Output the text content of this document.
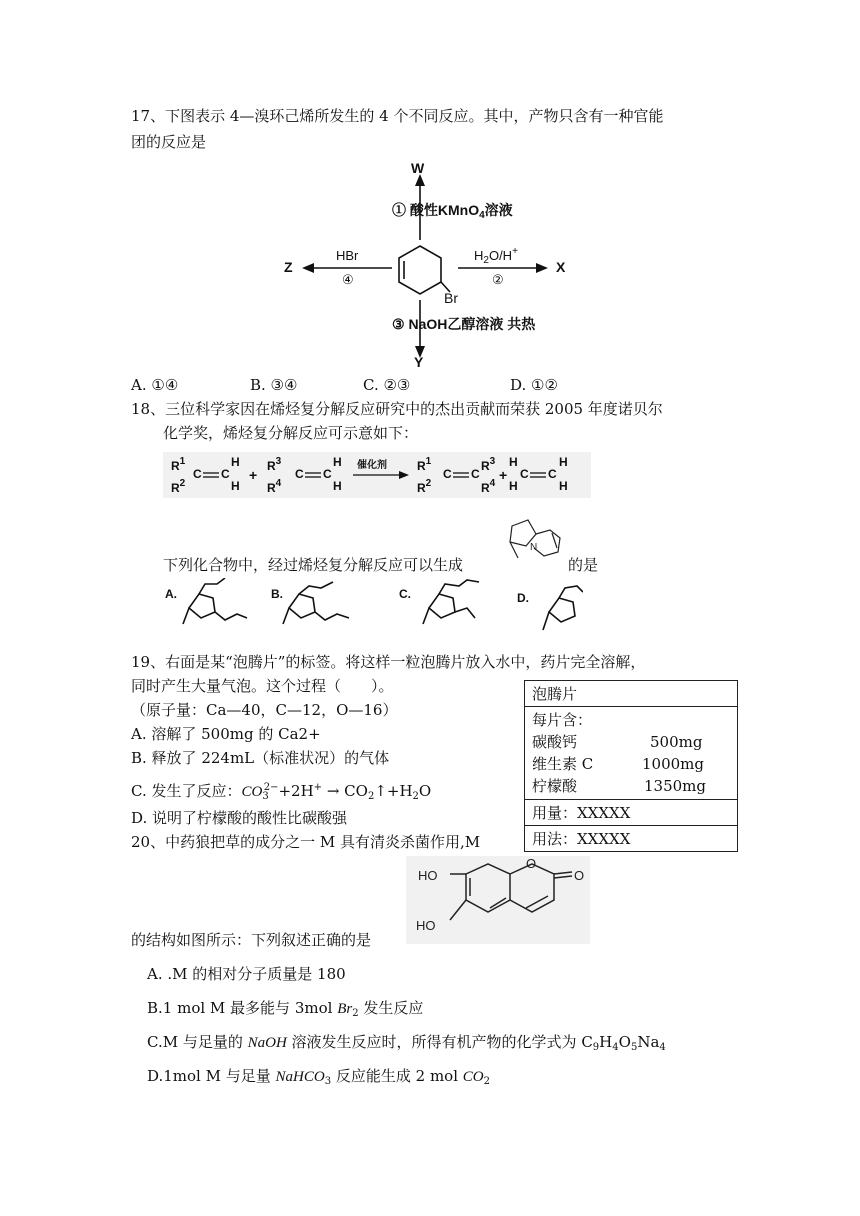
17、下图表示 4—溴环己烯所发生的 4 个不同反应。其中，产物只含有一种官能
团的反应是
W
Y
Z	X
Br
① 酸性KMnO$_4$溶液
③ NaOH乙醇溶液 共热
HBr
④
$H_2O/H^+$
②
A. ①④	B. ③④	C. ②③	D. ①②
18、三位科学家因在烯烃复分解反应研究中的杰出贡献而荣获 2005 年度诺贝尔
化学奖，烯烃复分解反应可示意如下：
$R^1$
$R^2$
C C
H
H
+
$R^3$
$R^4$
C C
H
H
催化剂	$R^1$
$R^2$
C C
$R^3$
$R^4$
+
H
H
C C
H
H
下列化合物中，经过烯烃复分解反应可以生成
N
的是
A.	B.	C.	D.
19、右面是某“泡腾片”的标签。将这样一粒泡腾片放入水中，药片完全溶解，
同时产生大量气泡。这个过程（　　）。
（原子量：Ca—40，C—12，O—16）
A. 溶解了 500mg 的 Ca2+
B. 释放了 224mL（标准状况）的气体
C. 发生了反应：$CO_3^{2-}+2H^+$ → $CO_2↑+H_2O$
D. 说明了柠檬酸的酸性比碳酸强
泡腾片

每片含：
碳酸钙	500mg
维生素 C	1000mg
柠檬酸	1350mg

用量：XXXXX
用法：XXXXX
20、中药狼把草的成分之一 M 具有清炎杀菌作用,M
HO
HO
O
O
的结构如图所示：下列叙述正确的是
A. .M 的相对分子质量是 180
B.1 mol M 最多能与 3mol $Br_2$ 发生反应
C.M 与足量的 NaOH 溶液发生反应时，所得有机产物的化学式为 $C_9H_4O_5Na_4$
D.1mol M 与足量 NaHCO$_3$ 反应能生成 2 mol $CO_2$
